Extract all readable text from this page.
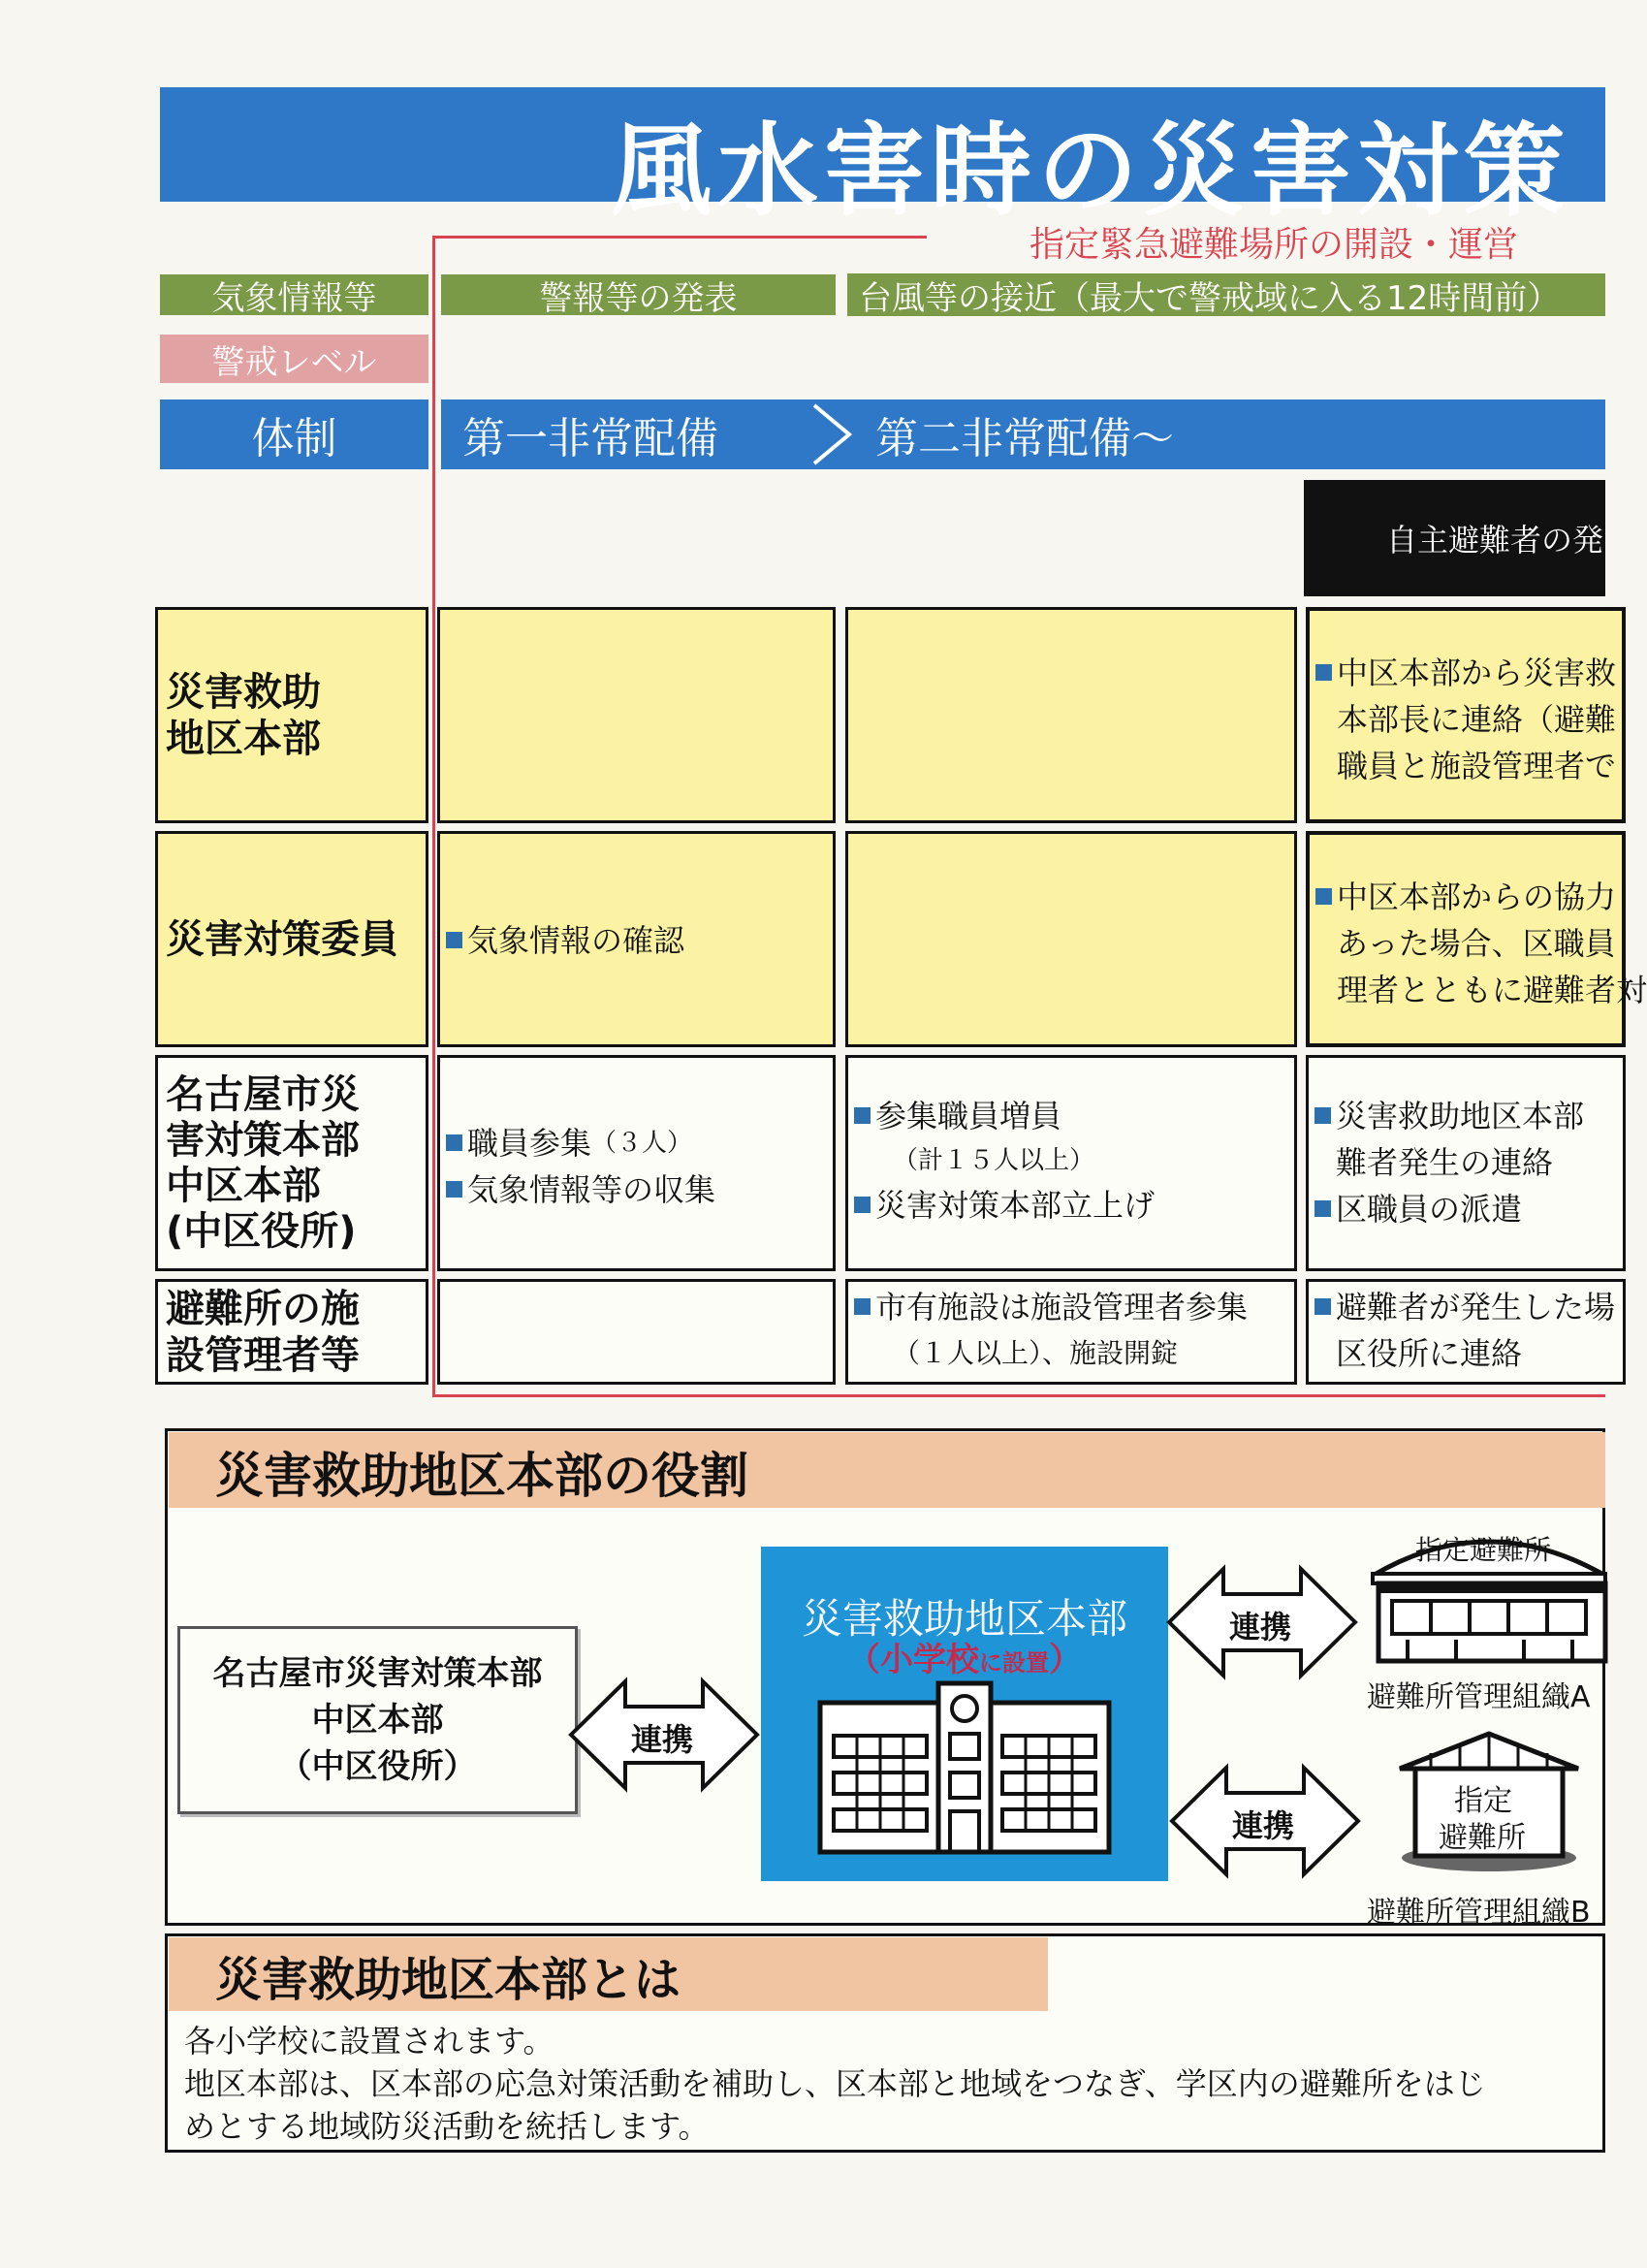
風水害時の災害対策
指定緊急避難場所の開設・運営
気象情報等
警戒レベル
体制
警報等の発表	台風等の接近（最大で警戒域に入る12時間前）
第一非常配備	第二非常配備～
自主避難者の発
災害救助
地区本部
中区本部から災害救
本部長に連絡（避難
職員と施設管理者で
災害対策委員 気象情報の確認
中区本部からの協力
あった場合、区職員
理者とともに避難者対
名古屋市災
害対策本部
中区本部
(中区役所)
職員参集 （３人）
気象情報等の収集
参集職員増員
（計１５人以上）
災害対策本部立上げ
災害救助地区本部
難者発生の連絡
区職員の派遣
避難所の施
設管理者等
市有施設は施設管理者参集
（１人以上）、施設開錠
避難者が発生した場
区役所に連絡
災害救助地区本部の役割
名古屋市災害対策本部
中区本部
（中区役所）
連携
災害救助地区本部
（小学校に設置）
連携
連携
指定避難所
避難所管理組織A
指定
避難所
避難所管理組織B
災害救助地区本部とは
各小学校に設置されます。
地区本部は、区本部の応急対策活動を補助し、区本部と地域をつなぎ、学区内の避難所をはじ
めとする地域防災活動を統括します。
